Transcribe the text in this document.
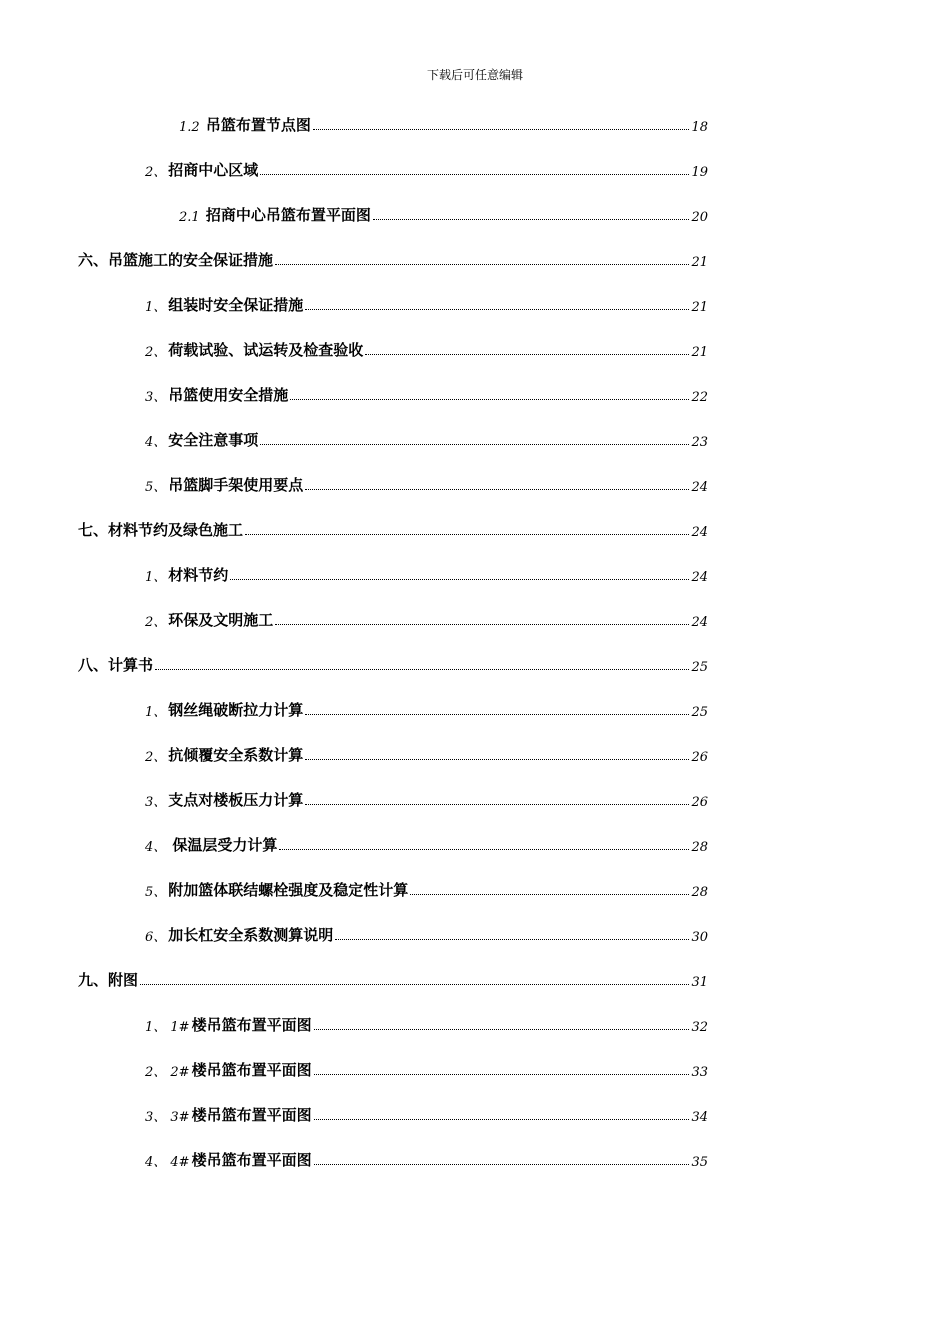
下载后可任意编辑
1.2 吊篮布置节点图	18
2、 招商中心区域	19
2.1 招商中心吊篮布置平面图	20
六、 吊篮施工的安全保证措施	21
1、 组装时安全保证措施	21
2、 荷载试验、试运转及检查验收	21
3、 吊篮使用安全措施	22
4、 安全注意事项	23
5、 吊篮脚手架使用要点	24
七、 材料节约及绿色施工	24
1、 材料节约	24
2、 环保及文明施工	24
八、 计算书	25
1、 钢丝绳破断拉力计算	25
2、 抗倾覆安全系数计算	26
3、 支点对楼板压力计算	26
4、 保温层受力计算	28
5、 附加篮体联结螺栓强度及稳定性计算	28
6、 加长杠安全系数测算说明	30
九、 附图	31
1、 1# 楼吊篮布置平面图	32
2、 2# 楼吊篮布置平面图	33
3、 3# 楼吊篮布置平面图	34
4、 4# 楼吊篮布置平面图	35
